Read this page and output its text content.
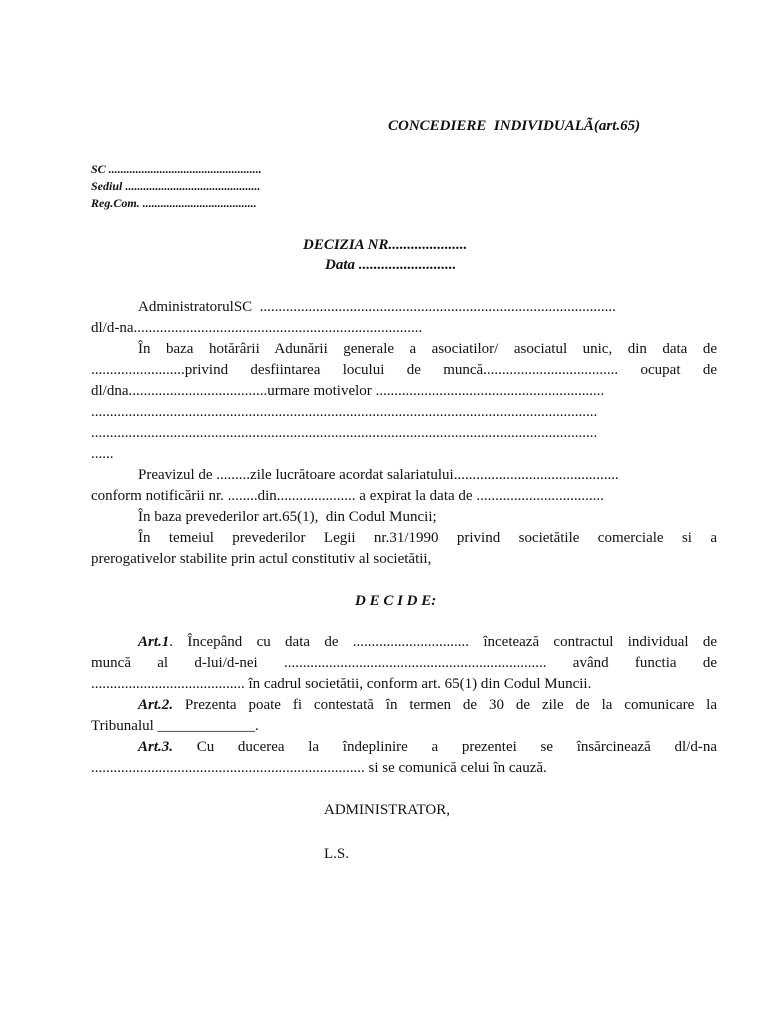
CONCEDIERE  INDIVIDUALÃ(art.65)
SC ...................................................
Sediul .............................................
Reg.Com. ......................................
DECIZIA NR.....................
Data ..........................
AdministratorulSC  ...............................................................................................
dl/d-na.............................................................................
În baza hotărârii Adunării generale a asociatilor/ asociatul unic, din data de
.........................privind desfiintarea locului de muncă.................................... ocupat de
dl/dna.....................................urmare motivelor .............................................................
.......................................................................................................................................
.......................................................................................................................................
......
Preavizul de .........zile lucrătoare acordat salariatului............................................
conform notificării nr. ........din..................... a expirat la data de ..................................
În baza prevederilor art.65(1),  din Codul Muncii;
În temeiul prevederilor Legii nr.31/1990 privind societătile comerciale si a
prerogativelor stabilite prin actul constitutiv al societătii,
D E C I D E:
Art.1. Începând cu data de ............................... încetează contractul individual de
muncă al d-lui/d-nei ...................................................................... având functia de
......................................... în cadrul societătii, conform art. 65(1) din Codul Muncii.
Art.2. Prezenta poate fi contestată în termen de 30 de zile de la comunicare la
Tribunalul _____________.
Art.3.  Cu  ducerea  la  îndeplinire  a  prezentei  se  însărcinează  dl/d-na
......................................................................... si se comunică celui în cauză.
ADMINISTRATOR,
L.S.
